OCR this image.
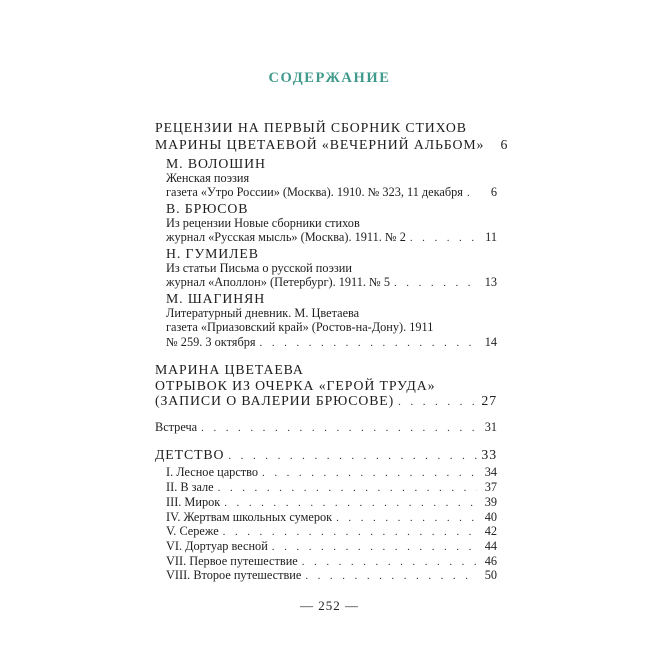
СОДЕРЖАНИЕ
РЕЦЕНЗИИ НА ПЕРВЫЙ СБОРНИК СТИХОВ
МАРИНЫ ЦВЕТАЕВОЙ «ВЕЧЕРНИЙ АЛЬБОМ»	6
М. ВОЛОШИН
Женская поэзия
газета «Утро России» (Москва). 1910. № 323, 11 декабря . . .	6
В. БРЮСОВ
Из рецензии Новые сборники стихов
журнал «Русская мысль» (Москва). 1911. № 2 . . .	11
Н. ГУМИЛЕВ
Из статьи Письма о русской поэзии
журнал «Аполлон» (Петербург). 1911. № 5 . . .	13
М. ШАГИНЯН
Литературный дневник. М. Цветаева
газета «Приазовский край» (Ростов-на-Дону). 1911
№ 259. 3 октября . . .	14
МАРИНА ЦВЕТАЕВА
ОТРЫВОК ИЗ ОЧЕРКА «ГЕРОЙ ТРУДА»
(ЗАПИСИ О ВАЛЕРИИ БРЮСОВЕ) . . .	27
Встреча . . .	31
ДЕТСТВО . . .	33
I. Лесное царство . . .	34
II. В зале . . .	37
III. Мирок . . .	39
IV. Жертвам школьных сумерок . . .	40
V. Сереже . . .	42
VI. Дортуар весной . . .	44
VII. Первое путешествие . . .	46
VIII. Второе путешествие . . .	50
— 252 —
